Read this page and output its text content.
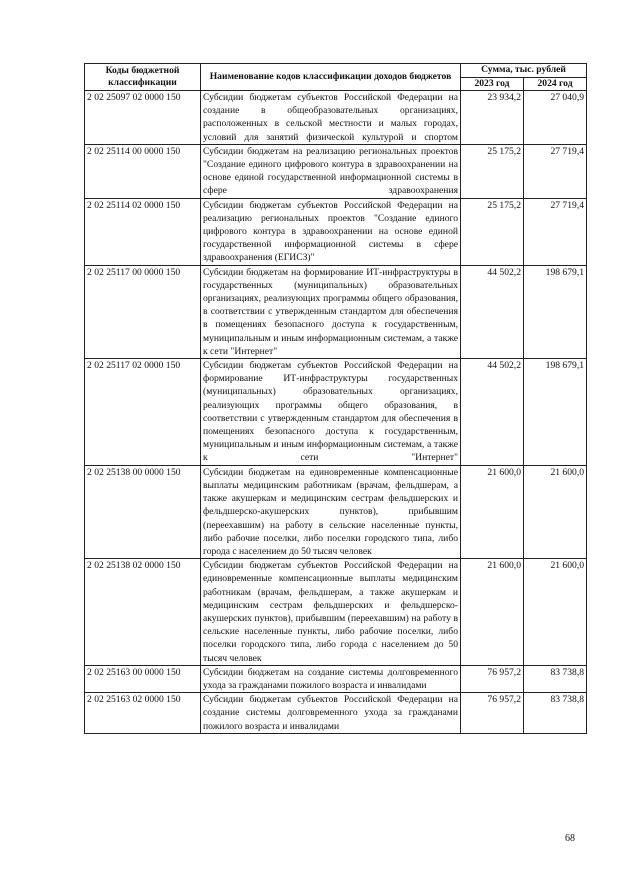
Коды бюджетной классификации	Наименование кодов классификации доходов бюджетов	Сумма, тыс. рублей	
		2023 год	2024 год
2 02 25097 02 0000 150	Субсидии бюджетам субъектов Российской Федерации на создание в общеобразовательных организациях, расположенных в сельской местности и малых городах, условий для занятий физической культурой и спортом	23 934,2	27 040,9
2 02 25114 00 0000 150	Субсидии бюджетам на реализацию региональных проектов "Создание единого цифрового контура в здравоохранении на основе единой государственной информационной системы в сфере здравоохранения	25 175,2	27 719,4
2 02 25114 02 0000 150	Субсидии бюджетам субъектов Российской Федерации на реализацию региональных проектов "Создание единого цифрового контура в здравоохранении на основе единой государственной информационной системы в сфере здравоохранения (ЕГИСЗ)"	25 175,2	27 719,4
2 02 25117 00 0000 150	Субсидии бюджетам на формирование ИТ-инфраструктуры в государственных (муниципальных) образовательных организациях, реализующих программы общего образования, в соответствии с утвержденным стандартом для обеспечения в помещениях безопасного доступа к государственным, муниципальным и иным информационным системам, а также к сети "Интернет"	44 502,2	198 679,1
2 02 25117 02 0000 150	Субсидии бюджетам субъектов Российской Федерации на формирование ИТ-инфраструктуры государственных (муниципальных) образовательных организациях, реализующих программы общего образования, в соответствии с утвержденным стандартом для обеспечения в помещениях безопасного доступа к государственным, муниципальным и иным информационным системам, а также к сети "Интернет"	44 502,2	198 679,1
2 02 25138 00 0000 150	Субсидии бюджетам на единовременные компенсационные выплаты медицинским работникам (врачам, фельдшерам, а также акушеркам и медицинским сестрам фельдшерских и фельдшерско-акушерских пунктов), прибывшим (переехавшим) на работу в сельские населенные пункты, либо рабочие поселки, либо поселки городского типа, либо города с населением до 50 тысяч человек	21 600,0	21 600,0
2 02 25138 02 0000 150	Субсидии бюджетам субъектов Российской Федерации на единовременные компенсационные выплаты медицинским работникам (врачам, фельдшерам, а также акушеркам и медицинским сестрам фельдшерских и фельдшерско-акушерских пунктов), прибывшим (переехавшим) на работу в сельские населенные пункты, либо рабочие поселки, либо поселки городского типа, либо города с населением до 50 тысяч человек	21 600,0	21 600,0
2 02 25163 00 0000 150	Субсидии бюджетам на создание системы долговременного ухода за гражданами пожилого возраста и инвалидами	76 957,2	83 738,8
2 02 25163 02 0000 150	Субсидии бюджетам субъектов Российской Федерации на создание системы долговременного ухода за гражданами пожилого возраста и инвалидами	76 957,2	83 738,8
68
